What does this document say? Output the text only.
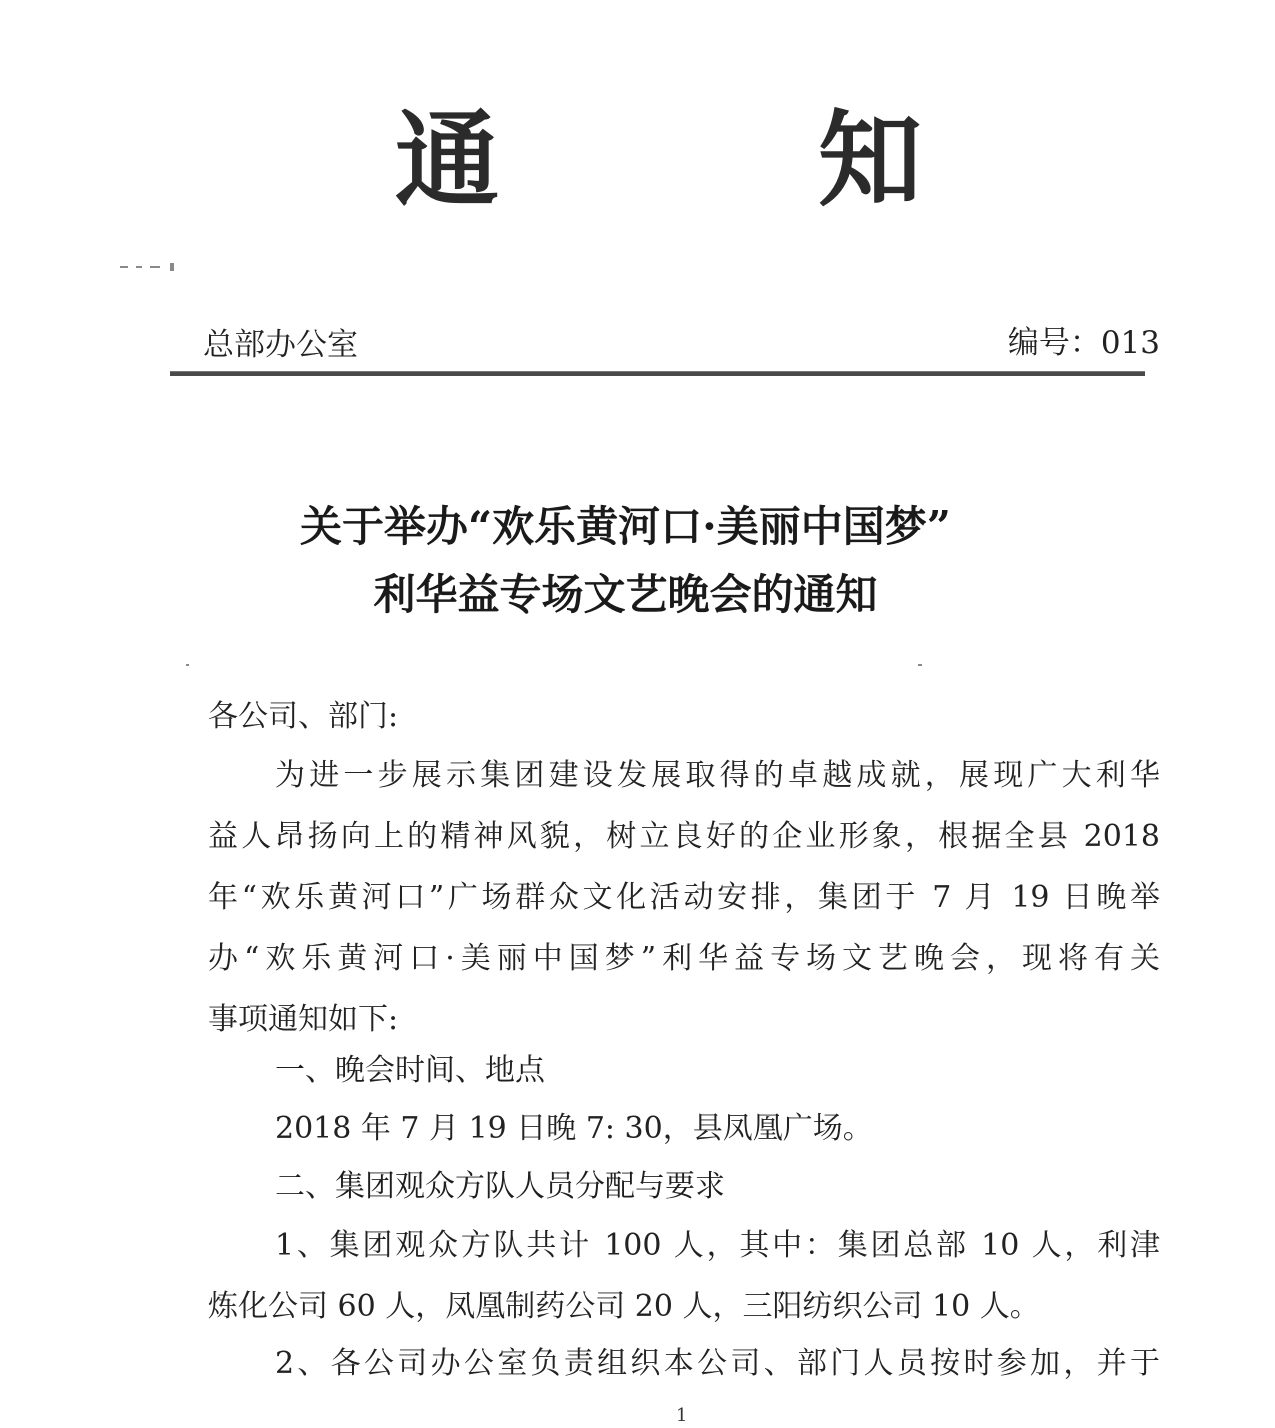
通	知
总部办公室	编号：013
关于举办“欢乐黄河口·美丽中国梦”
利华益专场文艺晚会的通知
各公司、部门:
为进一步展示集团建设发展取得的卓越成就，展现广大利华
益人昂扬向上的精神风貌，树立良好的企业形象，根据全县 2018
年“欢乐黄河口”广场群众文化活动安排，集团于 7 月 19 日晚举
办“欢乐黄河口·美丽中国梦”利华益专场文艺晚会，现将有关
事项通知如下:
一、晚会时间、地点
2018 年 7 月 19 日晚 7: 30，县凤凰广场。
二、集团观众方队人员分配与要求
1、集团观众方队共计 100 人，其中：集团总部 10 人，利津
炼化公司 60 人，凤凰制药公司 20 人，三阳纺织公司 10 人。
2、各公司办公室负责组织本公司、部门人员按时参加，并于
1
